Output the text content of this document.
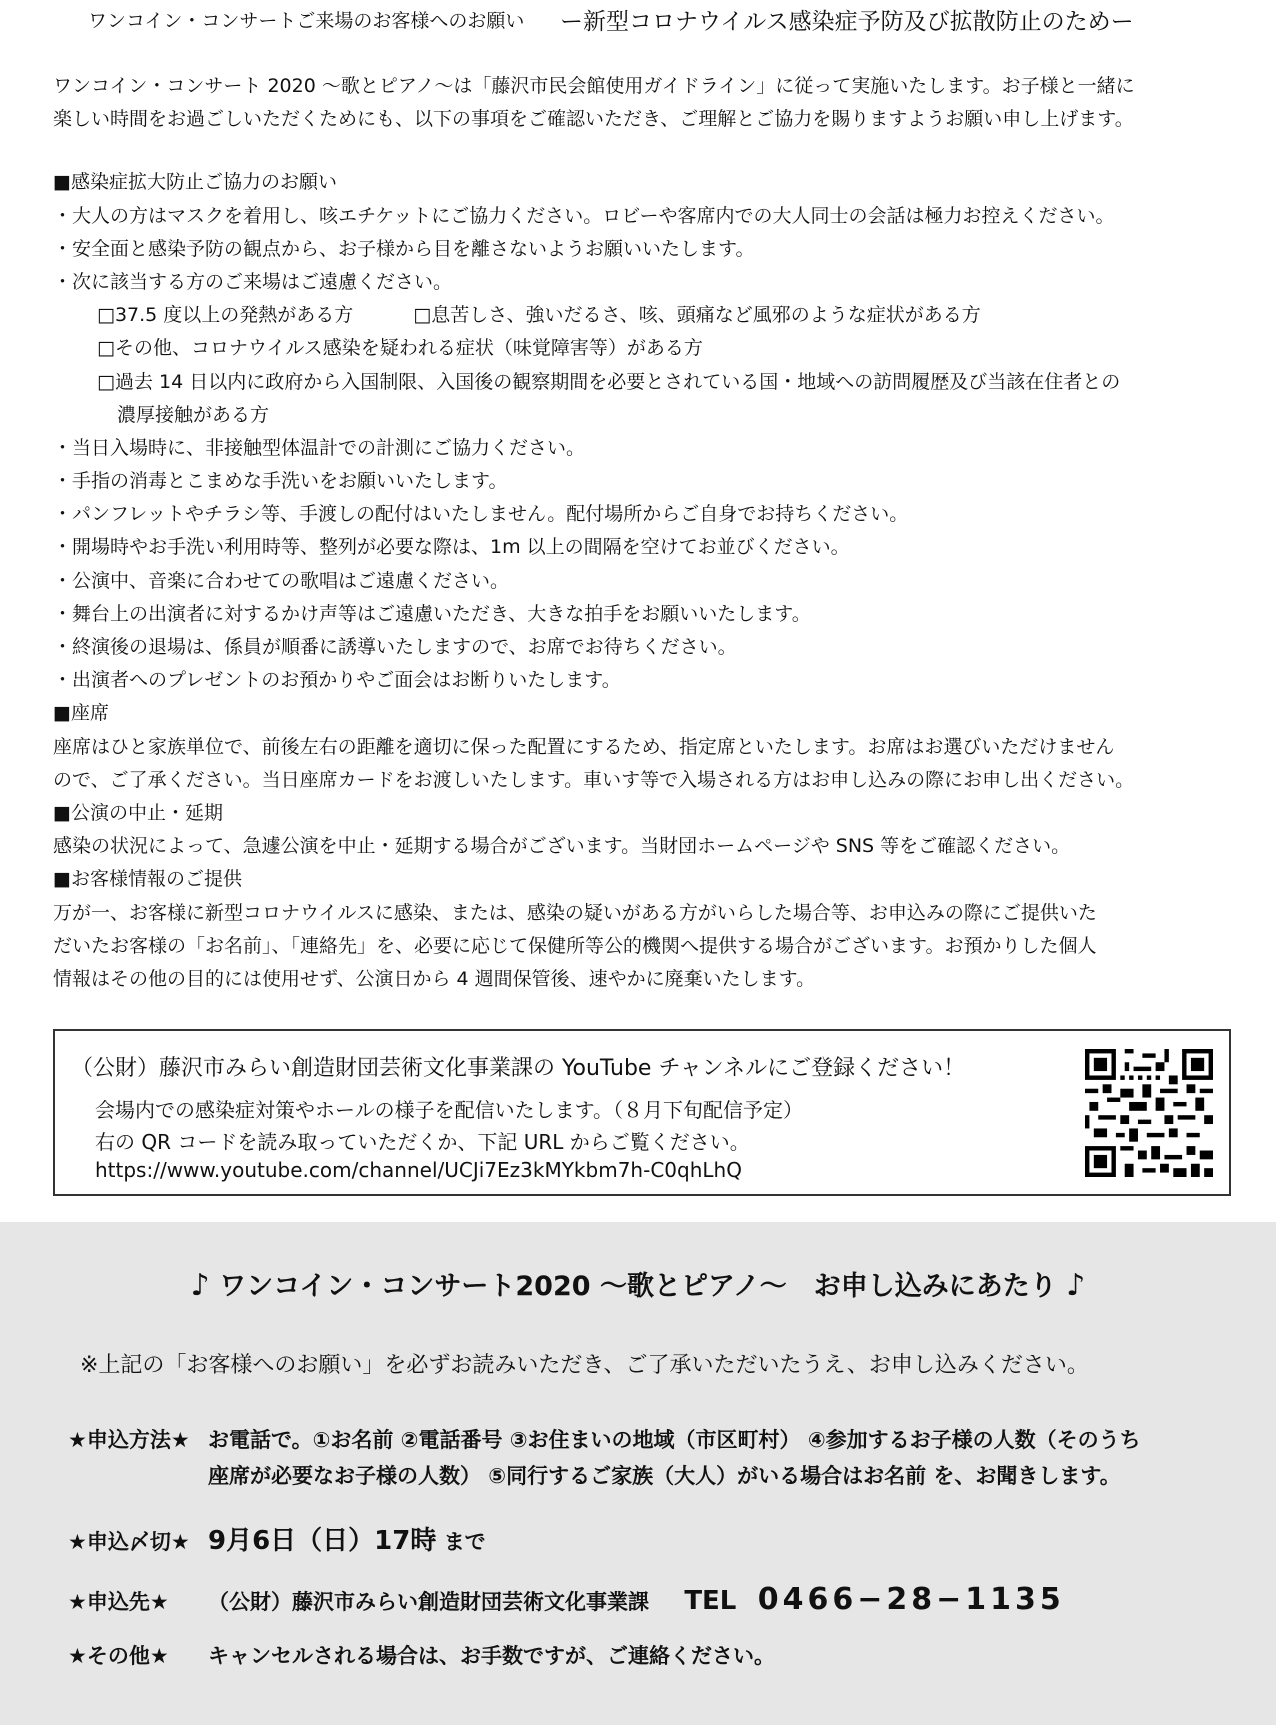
ワンコイン・コンサートご来場のお客様へのお願い ー新型コロナウイルス感染症予防及び拡散防止のためー
ワンコイン・コンサート 2020 〜歌とピアノ〜は「藤沢市民会館使用ガイドライン」に従って実施いたします。お子様と一緒に
楽しい時間をお過ごしいただくためにも、以下の事項をご確認いただき、ご理解とご協力を賜りますようお願い申し上げます。
■感染症拡大防止ご協力のお願い
・大人の方はマスクを着用し、咳エチケットにご協力ください。ロビーや客席内での大人同士の会話は極力お控えください。
・安全面と感染予防の観点から、お子様から目を離さないようお願いいたします。
・次に該当する方のご来場はご遠慮ください。
□37.5 度以上の発熱がある方	□息苦しさ、強いだるさ、咳、頭痛など風邪のような症状がある方
□その他、コロナウイルス感染を疑われる症状（味覚障害等）がある方
□過去 14 日以内に政府から入国制限、入国後の観察期間を必要とされている国・地域への訪問履歴及び当該在住者との
濃厚接触がある方
・当日入場時に、非接触型体温計での計測にご協力ください。
・手指の消毒とこまめな手洗いをお願いいたします。
・パンフレットやチラシ等、手渡しの配付はいたしません。配付場所からご自身でお持ちください。
・開場時やお手洗い利用時等、整列が必要な際は、1m 以上の間隔を空けてお並びください。
・公演中、音楽に合わせての歌唱はご遠慮ください。
・舞台上の出演者に対するかけ声等はご遠慮いただき、大きな拍手をお願いいたします。
・終演後の退場は、係員が順番に誘導いたしますので、お席でお待ちください。
・出演者へのプレゼントのお預かりやご面会はお断りいたします。
■座席
座席はひと家族単位で、前後左右の距離を適切に保った配置にするため、指定席といたします。お席はお選びいただけません
ので、ご了承ください。当日座席カードをお渡しいたします。車いす等で入場される方はお申し込みの際にお申し出ください。
■公演の中止・延期
感染の状況によって、急遽公演を中止・延期する場合がございます。当財団ホームページや SNS 等をご確認ください。
■お客様情報のご提供
万が一、お客様に新型コロナウイルスに感染、または、感染の疑いがある方がいらした場合等、お申込みの際にご提供いた
だいたお客様の「お名前」、「連絡先」を、必要に応じて保健所等公的機関へ提供する場合がございます。お預かりした個人
情報はその他の目的には使用せず、公演日から 4 週間保管後、速やかに廃棄いたします。
（公財）藤沢市みらい創造財団芸術文化事業課の YouTube チャンネルにご登録ください！
会場内での感染症対策やホールの様子を配信いたします。（８月下旬配信予定）
右の QR コードを読み取っていただくか、下記 URL からご覧ください。
https://www.youtube.com/channel/UCJi7Ez3kMYkbm7h-C0qhLhQ
♪ ワンコイン・コンサート2020 〜歌とピアノ〜　お申し込みにあたり ♪
※上記の「お客様へのお願い」を必ずお読みいただき、ご了承いただいたうえ、お申し込みください。
★申込方法★ お電話で。①お名前 ②電話番号 ③お住まいの地域（市区町村） ④参加するお子様の人数（そのうち
座席が必要なお子様の人数） ⑤同行するご家族（大人）がいる場合はお名前 を、お聞きします。
★申込〆切★ 9月6日（日）17時 まで
★申込先★ （公財）藤沢市みらい創造財団芸術文化事業課 TEL 0466−28−1135
★その他★ キャンセルされる場合は、お手数ですが、ご連絡ください。
